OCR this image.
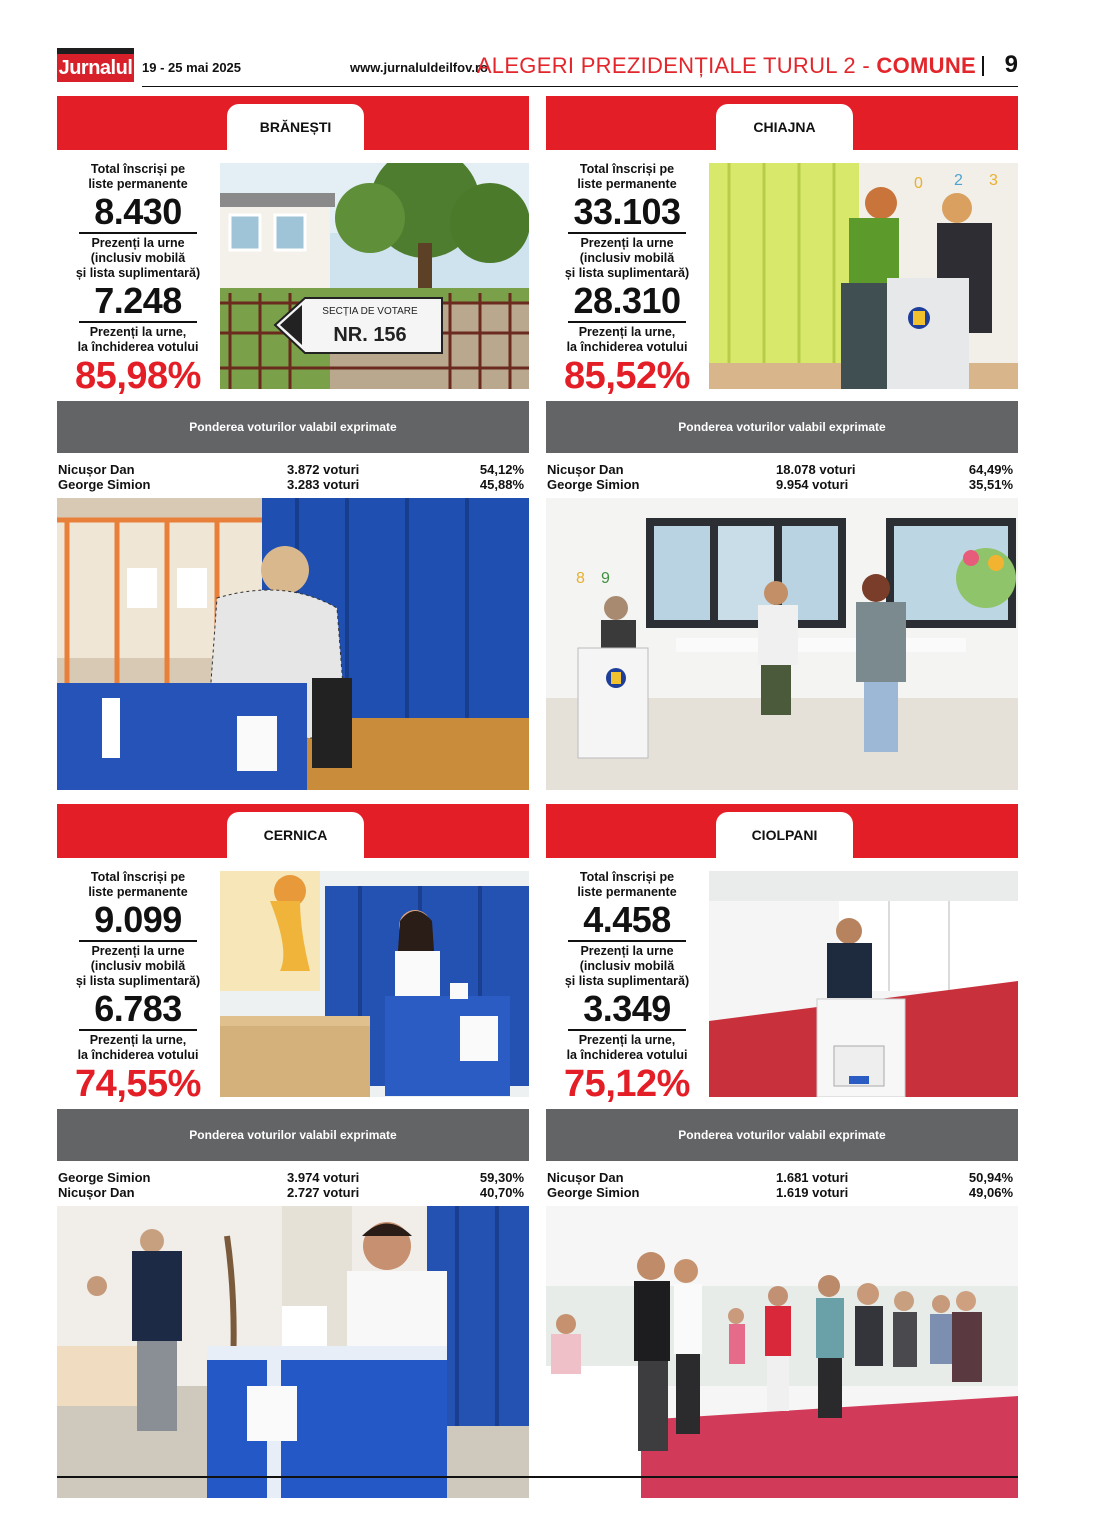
Jurnalul 19 - 25 mai 2025	www.jurnaluldeilfov.ro
ALEGERI PREZIDENȚIALE TURUL 2 - COMUNE 9
BRĂNEȘTI
Total înscriși pe liste permanente
8.430
Prezenți la urne
(inclusiv mobilă
și lista suplimentară)
7.248
Prezenți la urne,
la închiderea votului
85,98%
SECȚIA DE VOTARE
NR. 156
Ponderea voturilor valabil exprimate
Nicușor Dan	3.872 voturi	54,12%
George Simion	3.283 voturi	45,88%
CHIAJNA
Total înscriși pe liste permanente
33.103
Prezenți la urne
(inclusiv mobilă
și lista suplimentară)
28.310
Prezenți la urne,
la închiderea votului
85,52%
0 2 3
Ponderea voturilor valabil exprimate
Nicușor Dan	18.078 voturi	64,49%
George Simion	9.954 voturi	35,51%
8 9
CERNICA
Total înscriși pe liste permanente
9.099
Prezenți la urne
(inclusiv mobilă
și lista suplimentară)
6.783
Prezenți la urne,
la închiderea votului
74,55%
Ponderea voturilor valabil exprimate
George Simion	3.974 voturi	59,30%
Nicușor Dan	2.727 voturi	40,70%
CIOLPANI
Total înscriși pe liste permanente
4.458
Prezenți la urne
(inclusiv mobilă
și lista suplimentară)
3.349
Prezenți la urne,
la închiderea votului
75,12%
Ponderea voturilor valabil exprimate
Nicușor Dan	1.681 voturi	50,94%
George Simion	1.619 voturi	49,06%
